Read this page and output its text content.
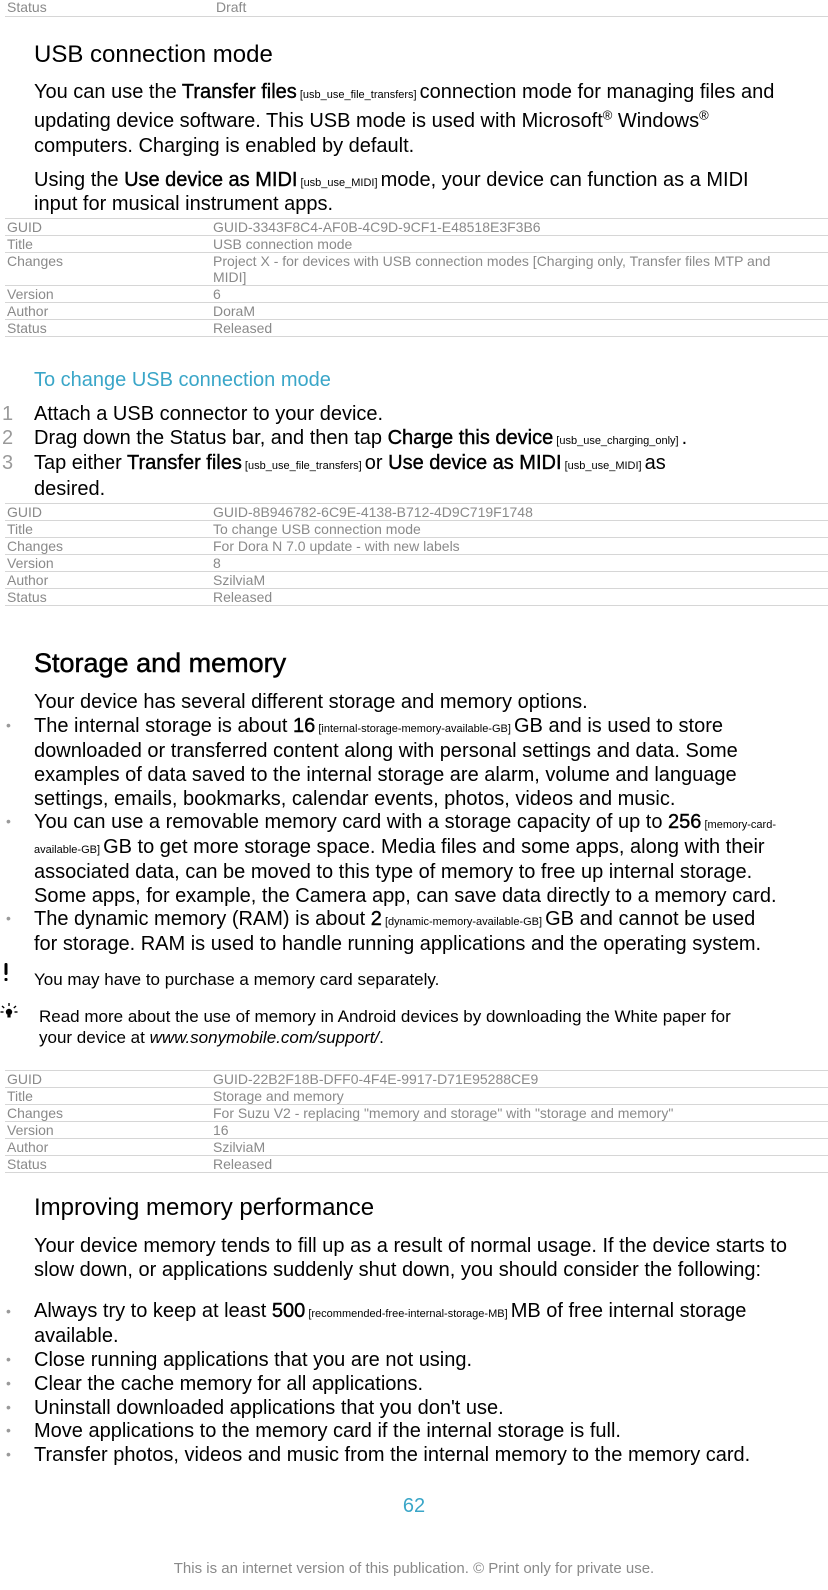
Status	Draft
USB connection mode
You can use the Transfer files [usb_use_file_transfers] connection mode for managing files and
updating device software. This USB mode is used with Microsoft® Windows®
computers. Charging is enabled by default.
Using the Use device as MIDI [usb_use_MIDI] mode, your device can function as a MIDI
input for musical instrument apps.
GUID	GUID-3343F8C4-AF0B-4C9D-9CF1-E48518E3F3B6
Title	USB connection mode
Changes	Project X - for devices with USB connection modes [Charging only, Transfer files MTP and MIDI]
Version	6
Author	DoraM
Status	Released
To change USB connection mode
1 Attach a USB connector to your device.
2 Drag down the Status bar, and then tap Charge this device [usb_use_charging_only] .
3 Tap either Transfer files [usb_use_file_transfers] or Use device as MIDI [usb_use_MIDI] as
desired.
GUID	GUID-8B946782-6C9E-4138-B712-4D9C719F1748
Title	To change USB connection mode
Changes	For Dora N 7.0 update - with new labels
Version	8
Author	SzilviaM
Status	Released
Storage and memory
Your device has several different storage and memory options.
• The internal storage is about 16 [internal-storage-memory-available-GB] GB and is used to store
downloaded or transferred content along with personal settings and data. Some
examples of data saved to the internal storage are alarm, volume and language
settings, emails, bookmarks, calendar events, photos, videos and music.
• You can use a removable memory card with a storage capacity of up to 256 [memory-card-
available-GB] GB to get more storage space. Media files and some apps, along with their
associated data, can be moved to this type of memory to free up internal storage.
Some apps, for example, the Camera app, can save data directly to a memory card.
• The dynamic memory (RAM) is about 2 [dynamic-memory-available-GB] GB and cannot be used
for storage. RAM is used to handle running applications and the operating system.
You may have to purchase a memory card separately.
Read more about the use of memory in Android devices by downloading the White paper for
your device at www.sonymobile.com/support/.
GUID	GUID-22B2F18B-DFF0-4F4E-9917-D71E95288CE9
Title	Storage and memory
Changes	For Suzu V2 - replacing "memory and storage" with "storage and memory"
Version	16
Author	SzilviaM
Status	Released
Improving memory performance
Your device memory tends to fill up as a result of normal usage. If the device starts to
slow down, or applications suddenly shut down, you should consider the following:
• Always try to keep at least 500 [recommended-free-internal-storage-MB] MB of free internal storage
available.
• Close running applications that you are not using.
• Clear the cache memory for all applications.
• Uninstall downloaded applications that you don't use.
• Move applications to the memory card if the internal storage is full.
• Transfer photos, videos and music from the internal memory to the memory card.
62
This is an internet version of this publication. © Print only for private use.
